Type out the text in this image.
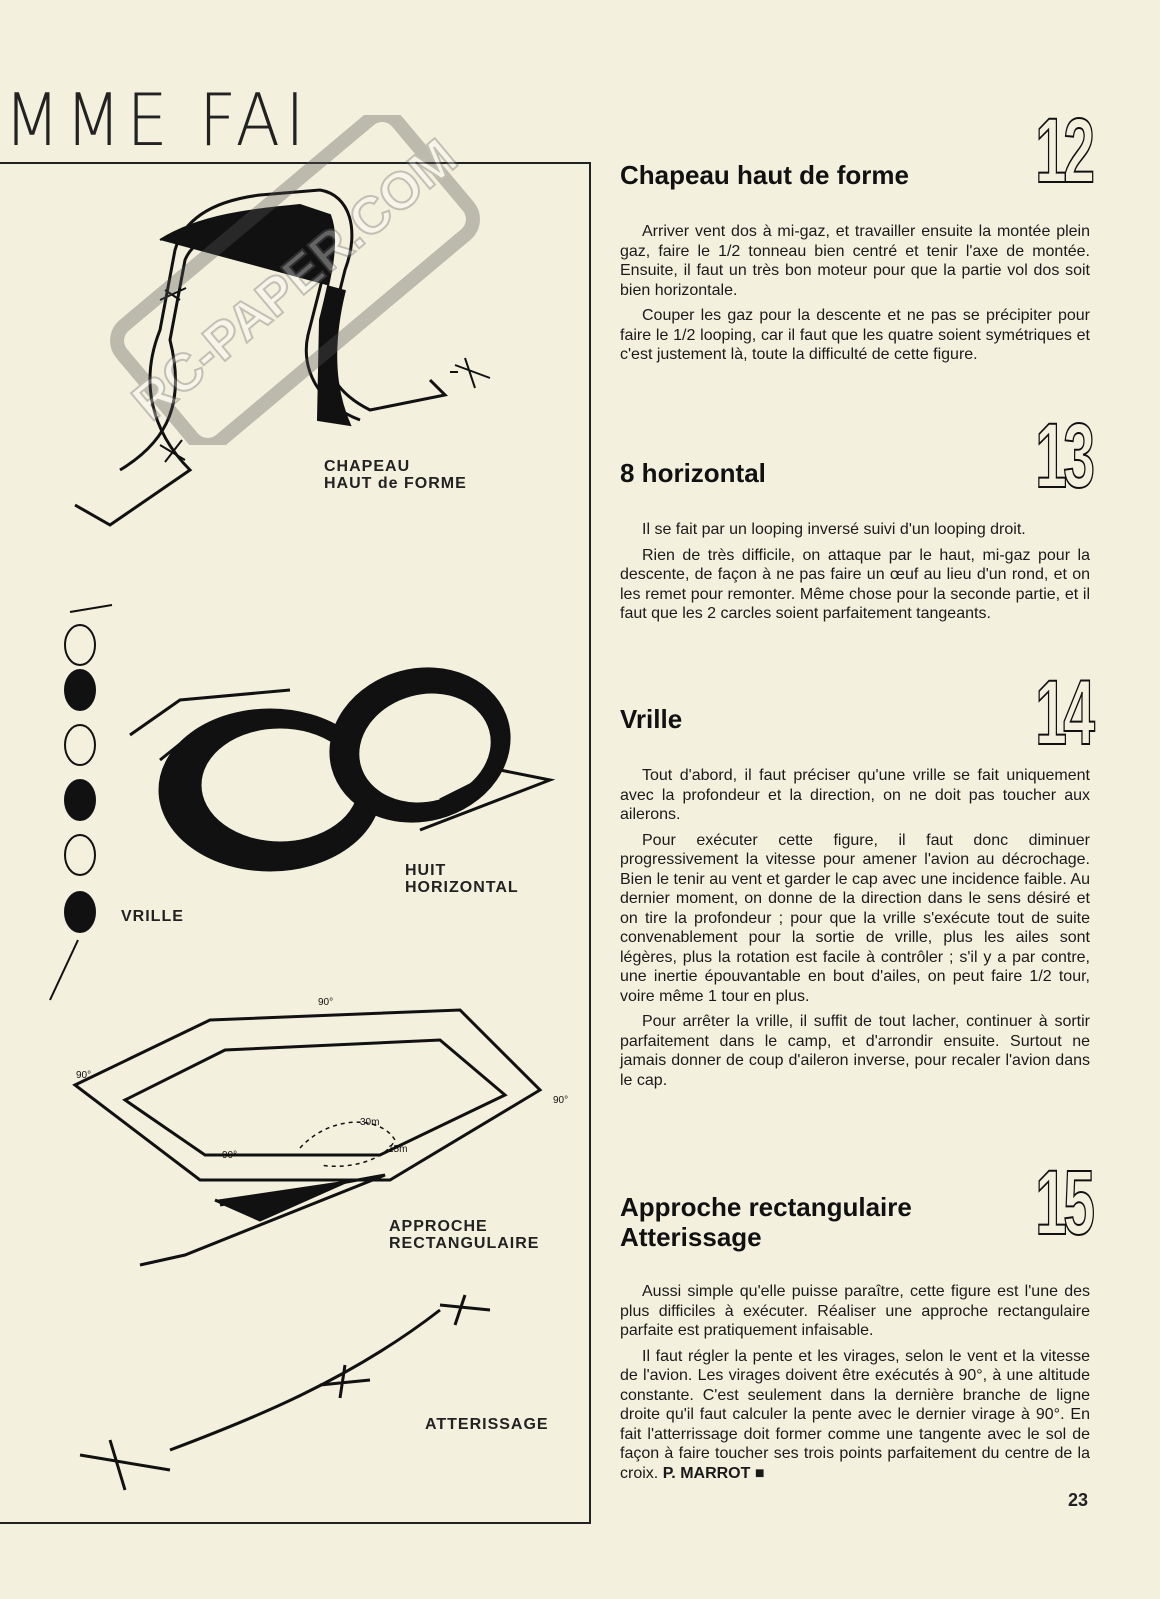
MME FAI
90°
90°
90°
90°
30m
15m
RC-PAPER.COM
CHAPEAU
HAUT de FORME
HUIT
HORIZONTAL
VRILLE
APPROCHE
RECTANGULAIRE
ATTERISSAGE
12
Chapeau haut de forme

Arriver vent dos à mi-gaz, et travailler ensuite la montée plein gaz, faire le 1/2 tonneau bien centré et tenir l'axe de montée. Ensuite, il faut un très bon moteur pour que la partie vol dos soit bien horizontale.

Couper les gaz pour la descente et ne pas se précipiter pour faire le 1/2 looping, car il faut que les quatre soient symétriques et c'est justement là, toute la difficulté de cette figure.

13
8 horizontal

Il se fait par un looping inversé suivi d'un looping droit.

Rien de très difficile, on attaque par le haut, mi-gaz pour la descente, de façon à ne pas faire un œuf au lieu d'un rond, et on les remet pour remonter. Même chose pour la seconde partie, et il faut que les 2 carcles soient parfaitement tangeants.

14
Vrille

Tout d'abord, il faut préciser qu'une vrille se fait uniquement avec la profondeur et la direction, on ne doit pas toucher aux ailerons.

Pour exécuter cette figure, il faut donc diminuer progressivement la vitesse pour amener l'avion au décrochage. Bien le tenir au vent et garder le cap avec une incidence faible. Au dernier moment, on donne de la direction dans le sens désiré et on tire la profondeur ; pour que la vrille s'exécute tout de suite convenablement pour la sortie de vrille, plus les ailes sont légères, plus la rotation est facile à contrôler ; s'il y a par contre, une inertie épouvantable en bout d'ailes, on peut faire 1/2 tour, voire même 1 tour en plus.

Pour arrêter la vrille, il suffit de tout lacher, continuer à sortir parfaitement dans le camp, et d'arrondir ensuite. Surtout ne jamais donner de coup d'aileron inverse, pour recaler l'avion dans le cap.

15
Approche rectangulaire
Atterissage

Aussi simple qu'elle puisse paraître, cette figure est l'une des plus difficiles à exécuter. Réaliser une approche rectangulaire parfaite est pratiquement infaisable.

Il faut régler la pente et les virages, selon le vent et la vitesse de l'avion. Les virages doivent être exécutés à 90°, à une altitude constante. C'est seulement dans la dernière branche de ligne droite qu'il faut calculer la pente avec le dernier virage à 90°. En fait l'atterrissage doit former comme une tangente avec le sol de façon à faire toucher ses trois points parfaitement du centre de la croix. P. MARROT ■

23
